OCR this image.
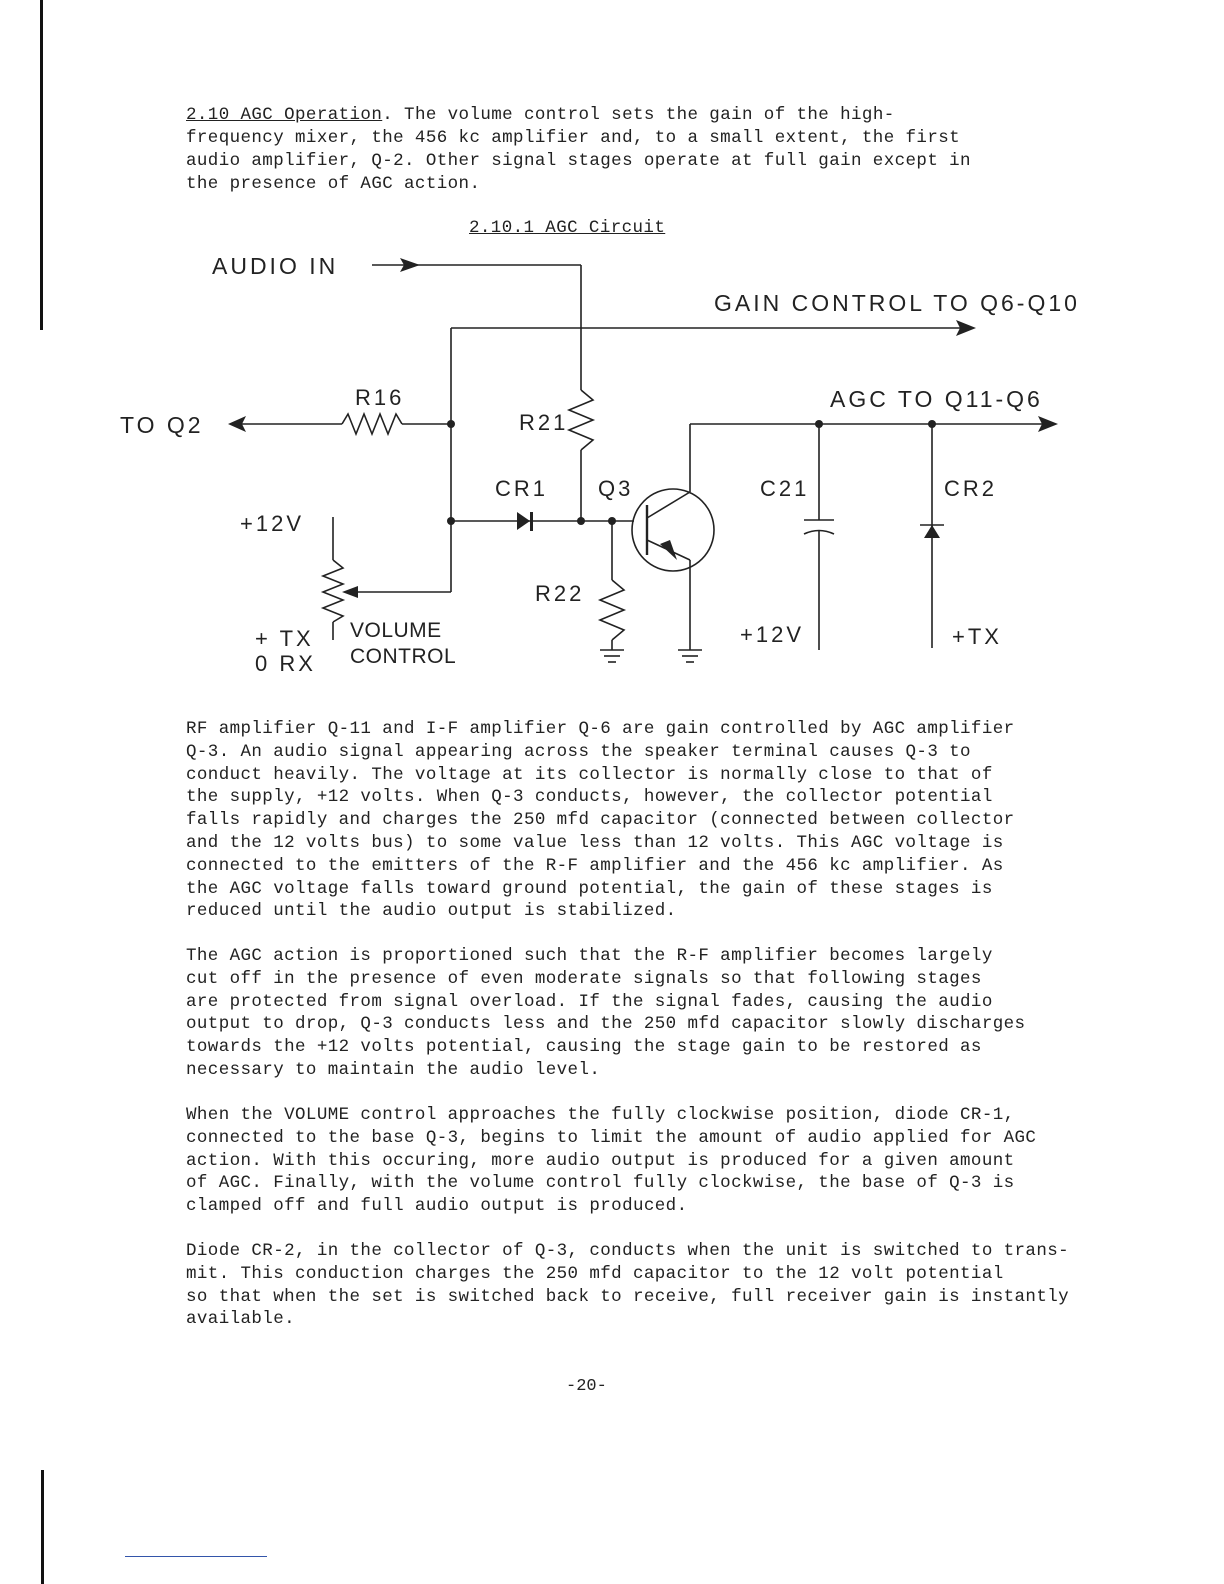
2.10 AGC Operation. The volume control sets the gain of the high-
frequency mixer, the 456 kc amplifier and, to a small extent, the first
audio amplifier, Q-2. Other signal stages operate at full gain except in
the presence of AGC action.
2.10.1 AGC Circuit
AUDIO IN
GAIN CONTROL TO Q6-Q10
AGC TO Q11-Q6
TO Q2
R16
R21
CR1 Q3	C21	CR2
+12V
R22
+ TX
0 RX
VOLUME
CONTROL
+12V	+TX
RF amplifier Q-11 and I-F amplifier Q-6 are gain controlled by AGC amplifier
Q-3. An audio signal appearing across the speaker terminal causes Q-3 to
conduct heavily. The voltage at its collector is normally close to that of
the supply, +12 volts. When Q-3 conducts, however, the collector potential
falls rapidly and charges the 250 mfd capacitor (connected between collector
and the 12 volts bus) to some value less than 12 volts. This AGC voltage is
connected to the emitters of the R-F amplifier and the 456 kc amplifier. As
the AGC voltage falls toward ground potential, the gain of these stages is
reduced until the audio output is stabilized.
The AGC action is proportioned such that the R-F amplifier becomes largely
cut off in the presence of even moderate signals so that following stages
are protected from signal overload. If the signal fades, causing the audio
output to drop, Q-3 conducts less and the 250 mfd capacitor slowly discharges
towards the +12 volts potential, causing the stage gain to be restored as
necessary to maintain the audio level.
When the VOLUME control approaches the fully clockwise position, diode CR-1,
connected to the base Q-3, begins to limit the amount of audio applied for AGC
action. With this occuring, more audio output is produced for a given amount
of AGC. Finally, with the volume control fully clockwise, the base of Q-3 is
clamped off and full audio output is produced.
Diode CR-2, in the collector of Q-3, conducts when the unit is switched to trans-
mit. This conduction charges the 250 mfd capacitor to the 12 volt potential
so that when the set is switched back to receive, full receiver gain is instantly
available.
-20-
